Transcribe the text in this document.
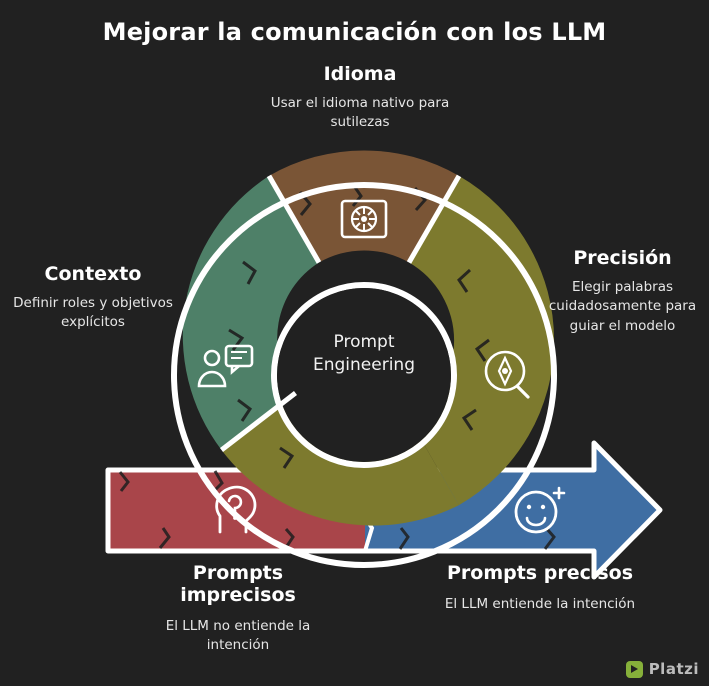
Mejorar la comunicación con los LLM
Prompt
Engineering
Idioma
Usar el idioma nativo para sutilezas
Contexto
Definir roles y objetivos explícitos
Precisión
Elegir palabras cuidadosamente para guiar el modelo
Prompts imprecisos
El LLM no entiende la intención
Prompts precisos
El LLM entiende la intención
Platzi
